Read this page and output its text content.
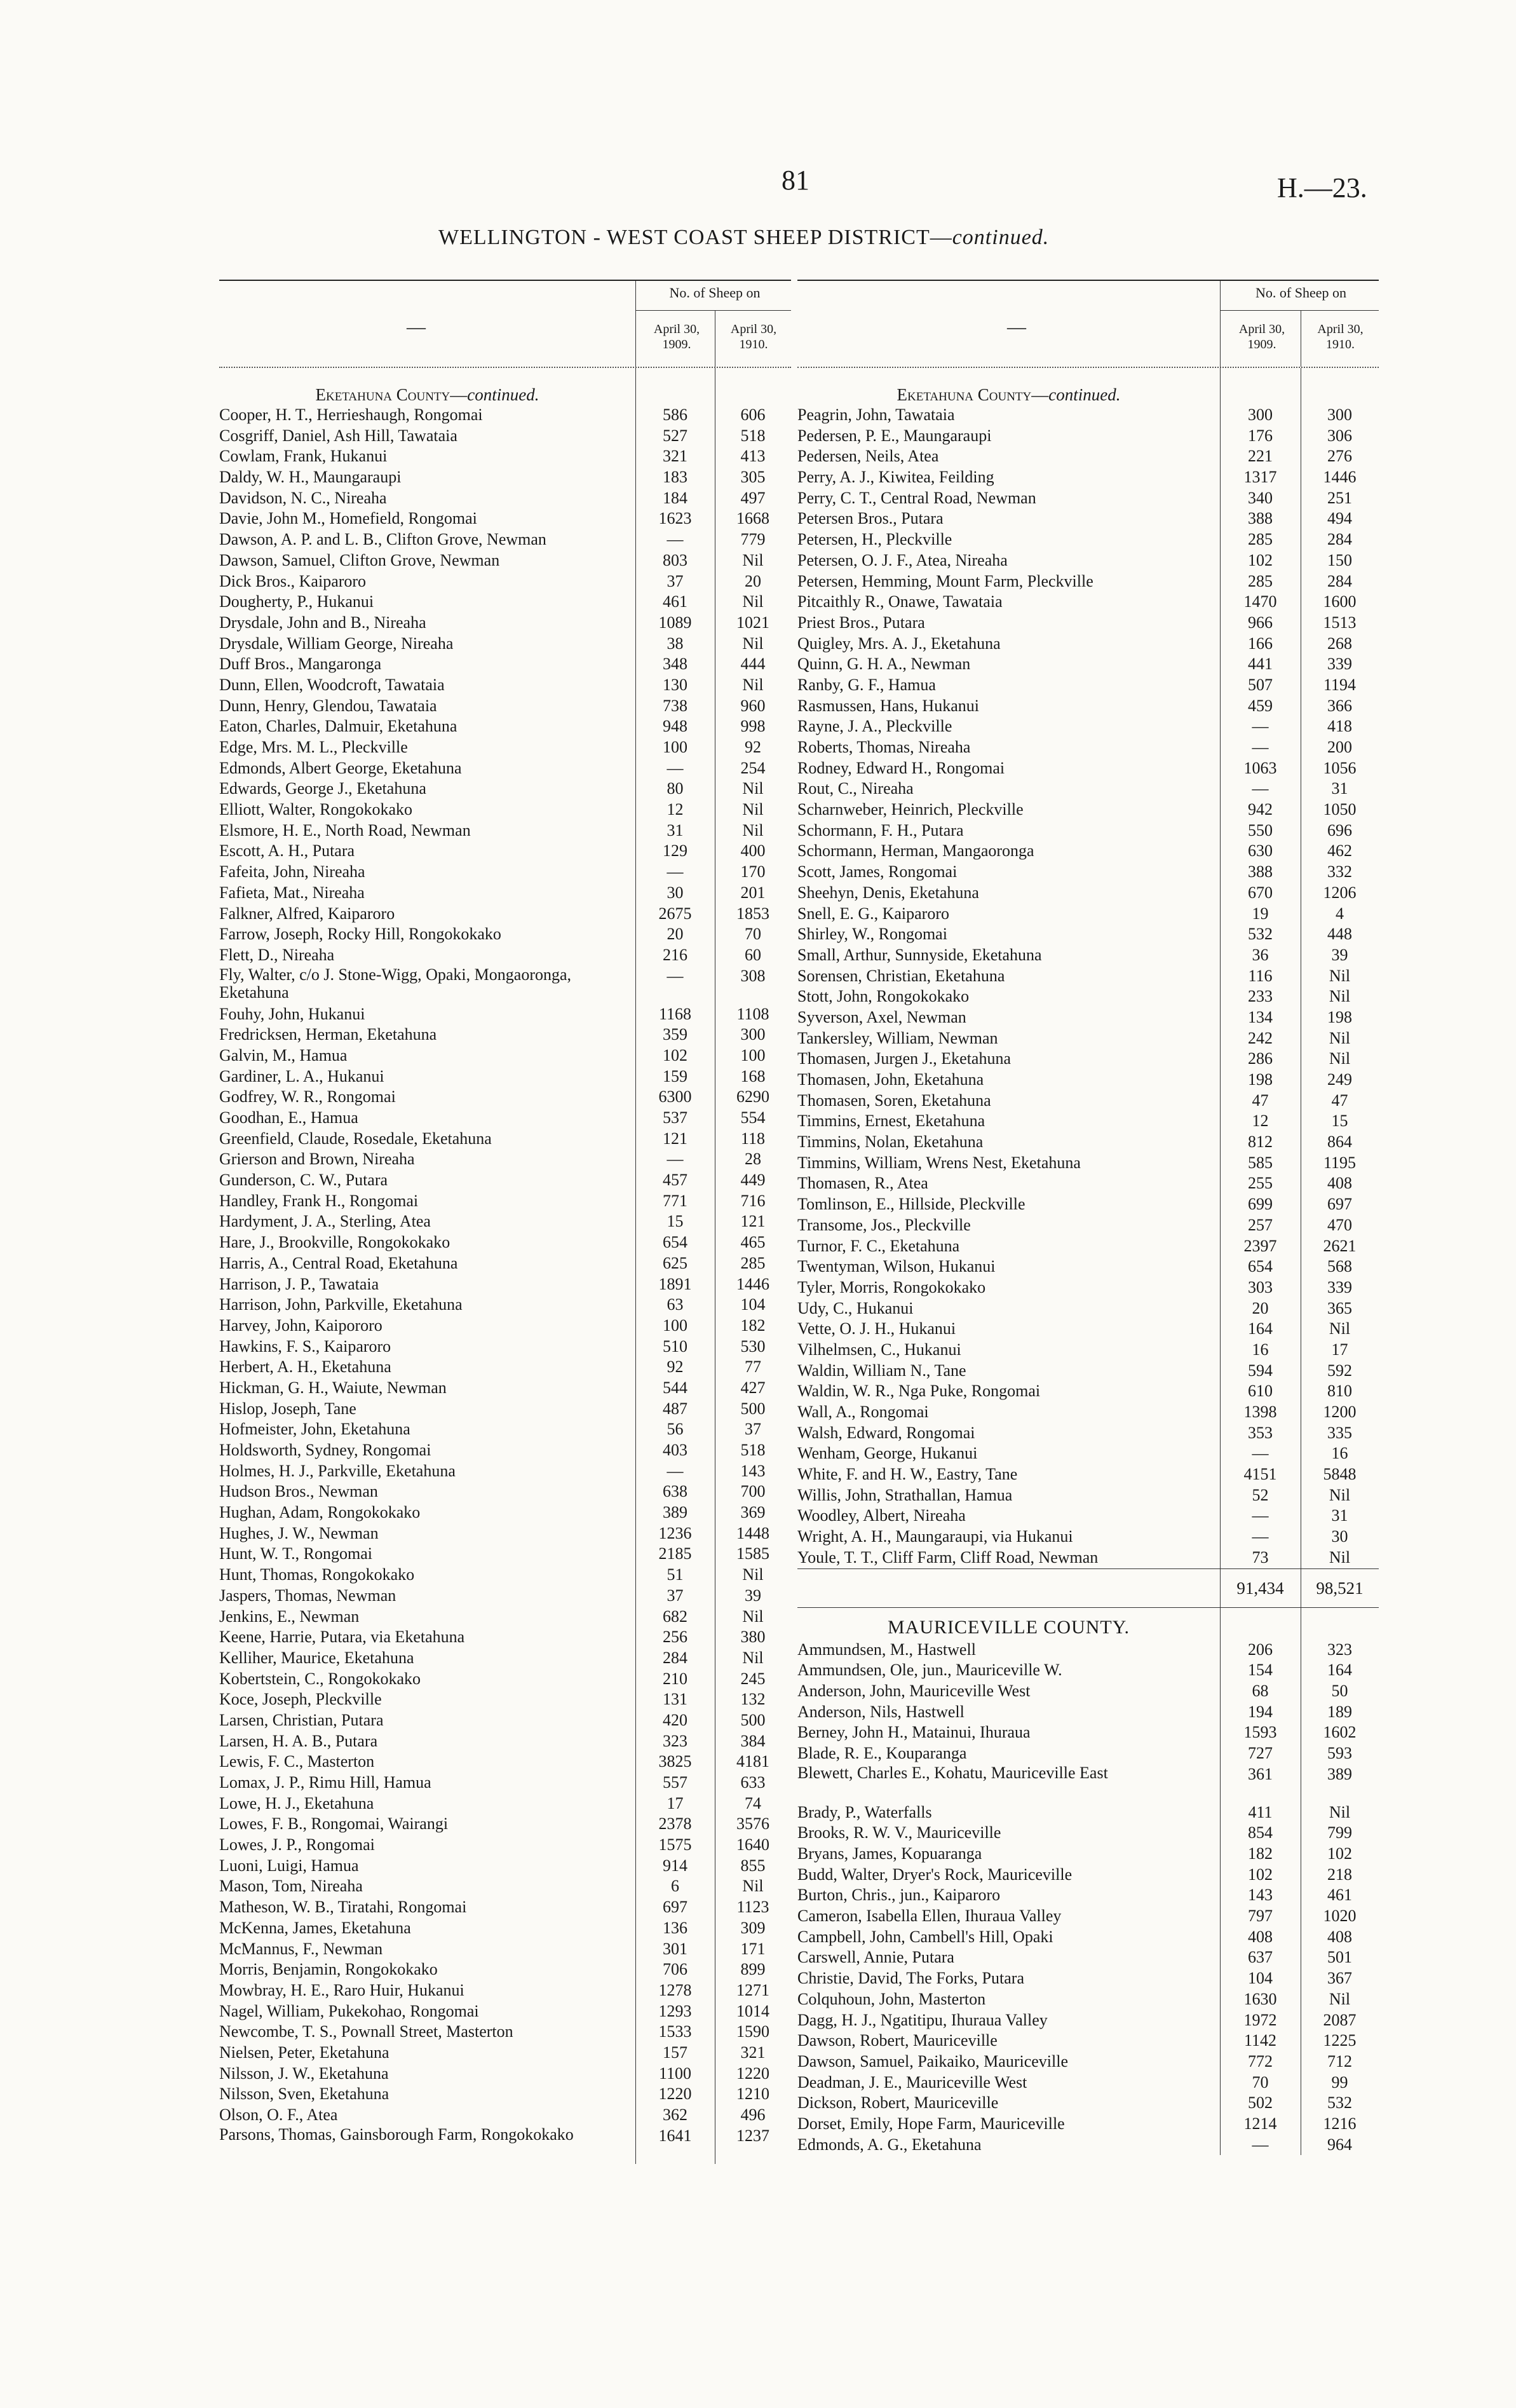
81	H.—23.
WELLINGTON - WEST COAST SHEEP DISTRICT—continued.
—
No. of Sheep on
April 30,
1909.
April 30,
1910.
Eketahuna County—continued.
Cooper, H. T., Herrieshaugh, Rongomai	586	606
Cosgriff, Daniel, Ash Hill, Tawataia	527	518
Cowlam, Frank, Hukanui	321	413
Daldy, W. H., Maungaraupi	183	305
Davidson, N. C., Nireaha	184	497
Davie, John M., Homefield, Rongomai	1623	1668
Dawson, A. P. and L. B., Clifton Grove, Newman	—	779
Dawson, Samuel, Clifton Grove, Newman	803	Nil
Dick Bros., Kaiparoro	37	20
Dougherty, P., Hukanui	461	Nil
Drysdale, John and B., Nireaha	1089	1021
Drysdale, William George, Nireaha	38	Nil
Duff Bros., Mangaronga	348	444
Dunn, Ellen, Woodcroft, Tawataia	130	Nil
Dunn, Henry, Glendou, Tawataia	738	960
Eaton, Charles, Dalmuir, Eketahuna	948	998
Edge, Mrs. M. L., Pleckville	100	92
Edmonds, Albert George, Eketahuna	—	254
Edwards, George J., Eketahuna	80	Nil
Elliott, Walter, Rongokokako	12	Nil
Elsmore, H. E., North Road, Newman	31	Nil
Escott, A. H., Putara	129	400
Fafeita, John, Nireaha	—	170
Fafieta, Mat., Nireaha	30	201
Falkner, Alfred, Kaiparoro	2675	1853
Farrow, Joseph, Rocky Hill, Rongokokako	20	70
Flett, D., Nireaha	216	60
Fly, Walter, c/o J. Stone-Wigg, Opaki, Mongaoronga, Eketahuna
—	308
Fouhy, John, Hukanui	1168	1108
Fredricksen, Herman, Eketahuna	359	300
Galvin, M., Hamua	102	100
Gardiner, L. A., Hukanui	159	168
Godfrey, W. R., Rongomai	6300	6290
Goodhan, E., Hamua	537	554
Greenfield, Claude, Rosedale, Eketahuna	121	118
Grierson and Brown, Nireaha	—	28
Gunderson, C. W., Putara	457	449
Handley, Frank H., Rongomai	771	716
Hardyment, J. A., Sterling, Atea	15	121
Hare, J., Brookville, Rongokokako	654	465
Harris, A., Central Road, Eketahuna	625	285
Harrison, J. P., Tawataia	1891	1446
Harrison, John, Parkville, Eketahuna	63	104
Harvey, John, Kaipororo	100	182
Hawkins, F. S., Kaiparoro	510	530
Herbert, A. H., Eketahuna	92	77
Hickman, G. H., Waiute, Newman	544	427
Hislop, Joseph, Tane	487	500
Hofmeister, John, Eketahuna	56	37
Holdsworth, Sydney, Rongomai	403	518
Holmes, H. J., Parkville, Eketahuna	—	143
Hudson Bros., Newman	638	700
Hughan, Adam, Rongokokako	389	369
Hughes, J. W., Newman	1236	1448
Hunt, W. T., Rongomai	2185	1585
Hunt, Thomas, Rongokokako	51	Nil
Jaspers, Thomas, Newman	37	39
Jenkins, E., Newman	682	Nil
Keene, Harrie, Putara, via Eketahuna	256	380
Kelliher, Maurice, Eketahuna	284	Nil
Kobertstein, C., Rongokokako	210	245
Koce, Joseph, Pleckville	131	132
Larsen, Christian, Putara	420	500
Larsen, H. A. B., Putara	323	384
Lewis, F. C., Masterton	3825	4181
Lomax, J. P., Rimu Hill, Hamua	557	633
Lowe, H. J., Eketahuna	17	74
Lowes, F. B., Rongomai, Wairangi	2378	3576
Lowes, J. P., Rongomai	1575	1640
Luoni, Luigi, Hamua	914	855
Mason, Tom, Nireaha	6	Nil
Matheson, W. B., Tiratahi, Rongomai	697	1123
McKenna, James, Eketahuna	136	309
McMannus, F., Newman	301	171
Morris, Benjamin, Rongokokako	706	899
Mowbray, H. E., Raro Huir, Hukanui	1278	1271
Nagel, William, Pukekohao, Rongomai	1293	1014
Newcombe, T. S., Pownall Street, Masterton	1533	1590
Nielsen, Peter, Eketahuna	157	321
Nilsson, J. W., Eketahuna	1100	1220
Nilsson, Sven, Eketahuna	1220	1210
Olson, O. F., Atea	362	496
Parsons, Thomas, Gainsborough Farm, Rongokokako	1641	1237
—
No. of Sheep on
April 30,
1909.
April 30,
1910.
Eketahuna County—continued.
Peagrin, John, Tawataia	300	300
Pedersen, P. E., Maungaraupi	176	306
Pedersen, Neils, Atea	221	276
Perry, A. J., Kiwitea, Feilding	1317	1446
Perry, C. T., Central Road, Newman	340	251
Petersen Bros., Putara	388	494
Petersen, H., Pleckville	285	284
Petersen, O. J. F., Atea, Nireaha	102	150
Petersen, Hemming, Mount Farm, Pleckville	285	284
Pitcaithly R., Onawe, Tawataia	1470	1600
Priest Bros., Putara	966	1513
Quigley, Mrs. A. J., Eketahuna	166	268
Quinn, G. H. A., Newman	441	339
Ranby, G. F., Hamua	507	1194
Rasmussen, Hans, Hukanui	459	366
Rayne, J. A., Pleckville	—	418
Roberts, Thomas, Nireaha	—	200
Rodney, Edward H., Rongomai	1063	1056
Rout, C., Nireaha	—	31
Scharnweber, Heinrich, Pleckville	942	1050
Schormann, F. H., Putara	550	696
Schormann, Herman, Mangaoronga	630	462
Scott, James, Rongomai	388	332
Sheehyn, Denis, Eketahuna	670	1206
Snell, E. G., Kaiparoro	19	4
Shirley, W., Rongomai	532	448
Small, Arthur, Sunnyside, Eketahuna	36	39
Sorensen, Christian, Eketahuna	116	Nil
Stott, John, Rongokokako	233	Nil
Syverson, Axel, Newman	134	198
Tankersley, William, Newman	242	Nil
Thomasen, Jurgen J., Eketahuna	286	Nil
Thomasen, John, Eketahuna	198	249
Thomasen, Soren, Eketahuna	47	47
Timmins, Ernest, Eketahuna	12	15
Timmins, Nolan, Eketahuna	812	864
Timmins, William, Wrens Nest, Eketahuna	585	1195
Thomasen, R., Atea	255	408
Tomlinson, E., Hillside, Pleckville	699	697
Transome, Jos., Pleckville	257	470
Turnor, F. C., Eketahuna	2397	2621
Twentyman, Wilson, Hukanui	654	568
Tyler, Morris, Rongokokako	303	339
Udy, C., Hukanui	20	365
Vette, O. J. H., Hukanui	164	Nil
Vilhelmsen, C., Hukanui	16	17
Waldin, William N., Tane	594	592
Waldin, W. R., Nga Puke, Rongomai	610	810
Wall, A., Rongomai	1398	1200
Walsh, Edward, Rongomai	353	335
Wenham, George, Hukanui	—	16
White, F. and H. W., Eastry, Tane	4151	5848
Willis, John, Strathallan, Hamua	52	Nil
Woodley, Albert, Nireaha	—	31
Wright, A. H., Maungaraupi, via Hukanui	—	30
Youle, T. T., Cliff Farm, Cliff Road, Newman	73	Nil
91,434	98,521
MAURICEVILLE COUNTY.
Ammundsen, M., Hastwell	206	323
Ammundsen, Ole, jun., Mauriceville W.	154	164
Anderson, John, Mauriceville West	68	50
Anderson, Nils, Hastwell	194	189
Berney, John H., Matainui, Ihuraua	1593	1602
Blade, R. E., Kouparanga	727	593
Blewett, Charles E., Kohatu, Mauriceville East	361	389
Brady, P., Waterfalls	411	Nil
Brooks, R. W. V., Mauriceville	854	799
Bryans, James, Kopuaranga	182	102
Budd, Walter, Dryer's Rock, Mauriceville	102	218
Burton, Chris., jun., Kaiparoro	143	461
Cameron, Isabella Ellen, Ihuraua Valley	797	1020
Campbell, John, Cambell's Hill, Opaki	408	408
Carswell, Annie, Putara	637	501
Christie, David, The Forks, Putara	104	367
Colquhoun, John, Masterton	1630	Nil
Dagg, H. J., Ngatitipu, Ihuraua Valley	1972	2087
Dawson, Robert, Mauriceville	1142	1225
Dawson, Samuel, Paikaiko, Mauriceville	772	712
Deadman, J. E., Mauriceville West	70	99
Dickson, Robert, Mauriceville	502	532
Dorset, Emily, Hope Farm, Mauriceville	1214	1216
Edmonds, A. G., Eketahuna	—	964
